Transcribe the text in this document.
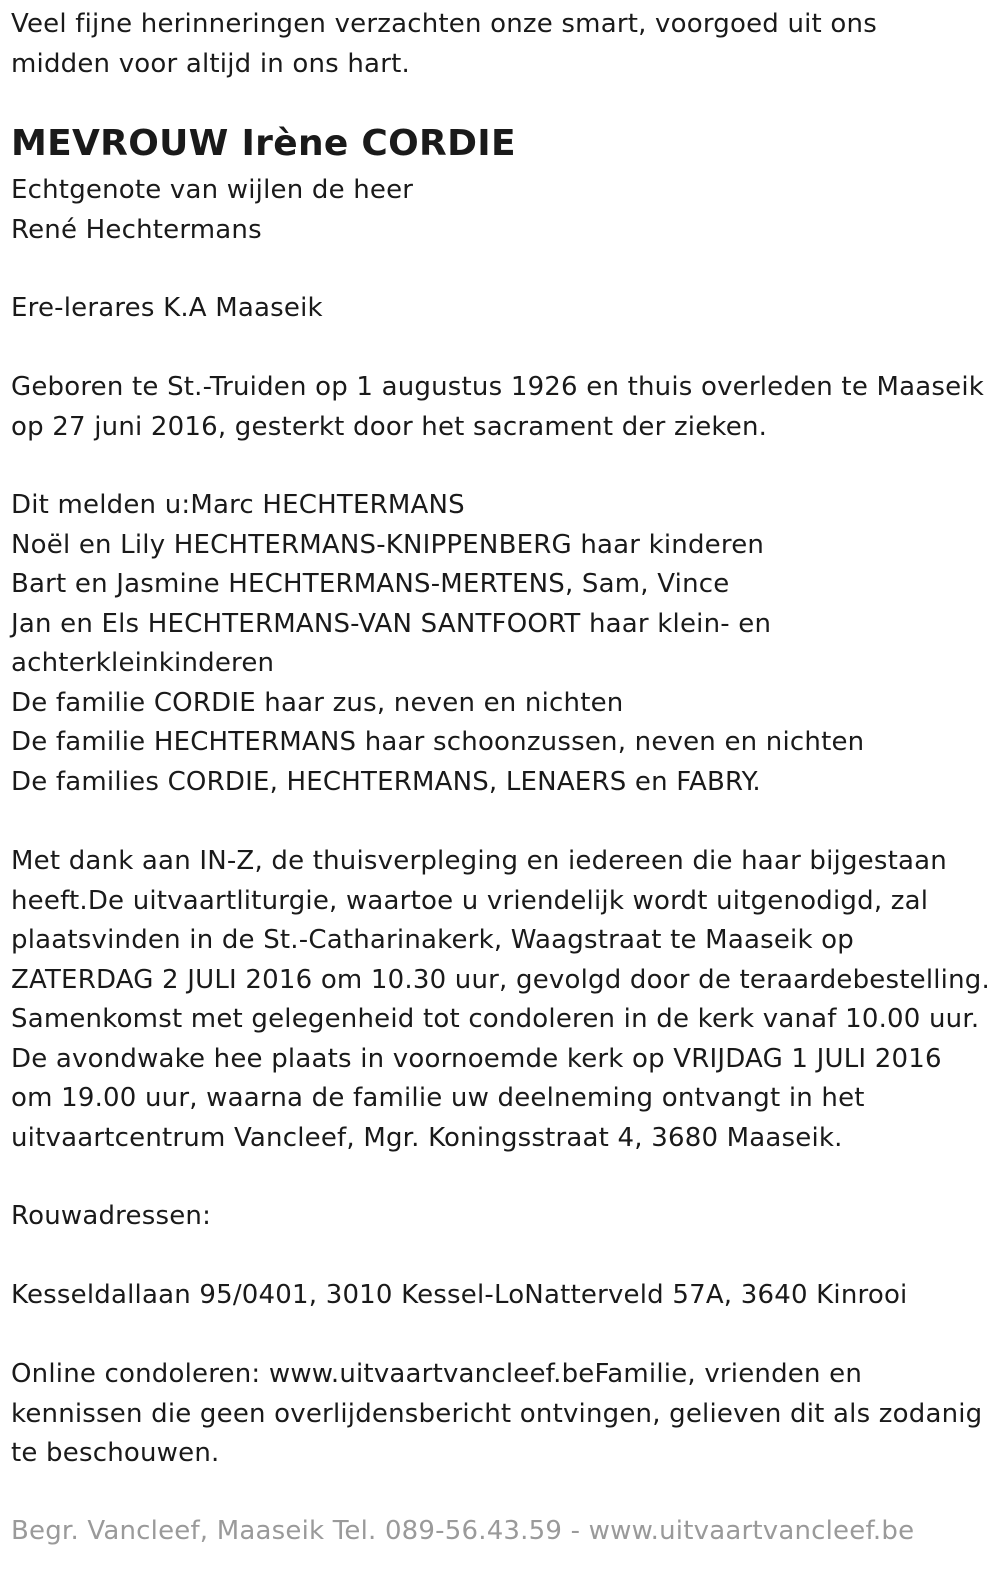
Veel fijne herinneringen verzachten onze smart, voorgoed uit ons
midden voor altijd in ons hart.

MEVROUW Irène CORDIE

Echtgenote van wijlen de heer
René Hechtermans

Ere-lerares K.A Maaseik

Geboren te St.-Truiden op 1 augustus 1926 en thuis overleden te Maaseik
op 27 juni 2016, gesterkt door het sacrament der zieken.

Dit melden u:Marc HECHTERMANS
Noël en Lily HECHTERMANS-KNIPPENBERG haar kinderen
Bart en Jasmine HECHTERMANS-MERTENS, Sam, Vince
Jan en Els HECHTERMANS-VAN SANTFOORT haar klein- en
achterkleinkinderen
De familie CORDIE haar zus, neven en nichten
De familie HECHTERMANS haar schoonzussen, neven en nichten
De families CORDIE, HECHTERMANS, LENAERS en FABRY.

Met dank aan IN-Z, de thuisverpleging en iedereen die haar bijgestaan
heeft.De uitvaartliturgie, waartoe u vriendelijk wordt uitgenodigd, zal
plaatsvinden in de St.-Catharinakerk, Waagstraat te Maaseik op
ZATERDAG 2 JULI 2016 om 10.30 uur, gevolgd door de teraardebestelling.
Samenkomst met gelegenheid tot condoleren in de kerk vanaf 10.00 uur.
De avondwake hee plaats in voornoemde kerk op VRIJDAG 1 JULI 2016
om 19.00 uur, waarna de familie uw deelneming ontvangt in het
uitvaartcentrum Vancleef, Mgr. Koningsstraat 4, 3680 Maaseik.

Rouwadressen:

Kesseldallaan 95/0401, 3010 Kessel-LoNatterveld 57A, 3640 Kinrooi

Online condoleren: www.uitvaartvancleef.beFamilie, vrienden en
kennissen die geen overlijdensbericht ontvingen, gelieven dit als zodanig
te beschouwen.

Begr. Vancleef, Maaseik Tel. 089-56.43.59 - www.uitvaartvancleef.be
